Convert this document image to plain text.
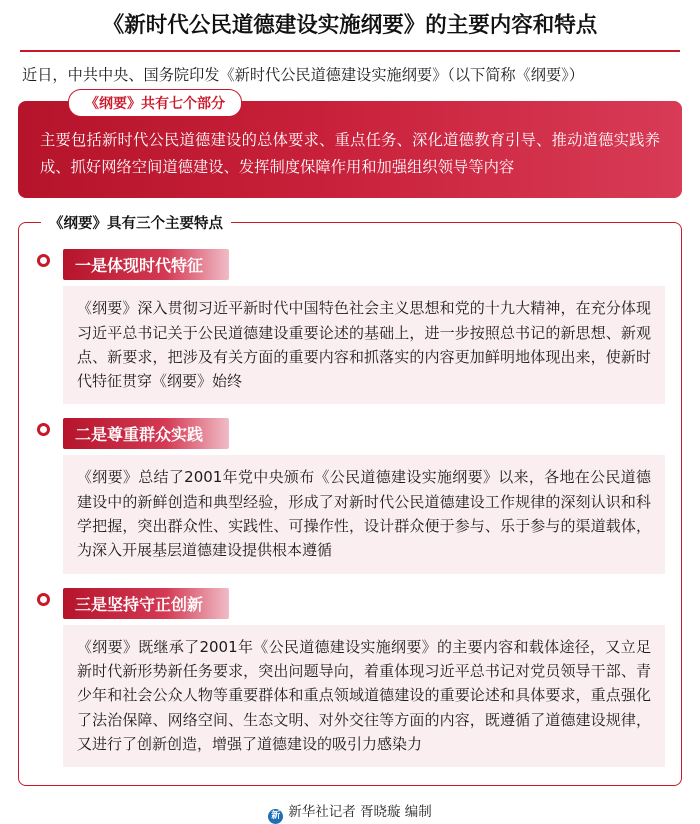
《新时代公民道德建设实施纲要》的主要内容和特点
近日，中共中央、国务院印发《新时代公民道德建设实施纲要》（以下简称《纲要》）
《纲要》共有七个部分
主要包括新时代公民道德建设的总体要求、重点任务、深化道德教育引导、推动道德实践养成、抓好网络空间道德建设、发挥制度保障作用和加强组织领导等内容
《纲要》具有三个主要特点
一是体现时代特征
《纲要》深入贯彻习近平新时代中国特色社会主义思想和党的十九大精神，在充分体现习近平总书记关于公民道德建设重要论述的基础上，进一步按照总书记的新思想、新观点、新要求，把涉及有关方面的重要内容和抓落实的内容更加鲜明地体现出来，使新时代特征贯穿《纲要》始终
二是尊重群众实践
《纲要》总结了2001年党中央颁布《公民道德建设实施纲要》以来，各地在公民道德建设中的新鲜创造和典型经验，形成了对新时代公民道德建设工作规律的深刻认识和科学把握，突出群众性、实践性、可操作性，设计群众便于参与、乐于参与的渠道载体，为深入开展基层道德建设提供根本遵循
三是坚持守正创新
《纲要》既继承了2001年《公民道德建设实施纲要》的主要内容和载体途径，又立足新时代新形势新任务要求，突出问题导向，着重体现习近平总书记对党员领导干部、青少年和社会公众人物等重要群体和重点领域道德建设的重要论述和具体要求，重点强化了法治保障、网络空间、生态文明、对外交往等方面的内容，既遵循了道德建设规律，又进行了创新创造，增强了道德建设的吸引力感染力
新 新华社记者 胥晓璇 编制
